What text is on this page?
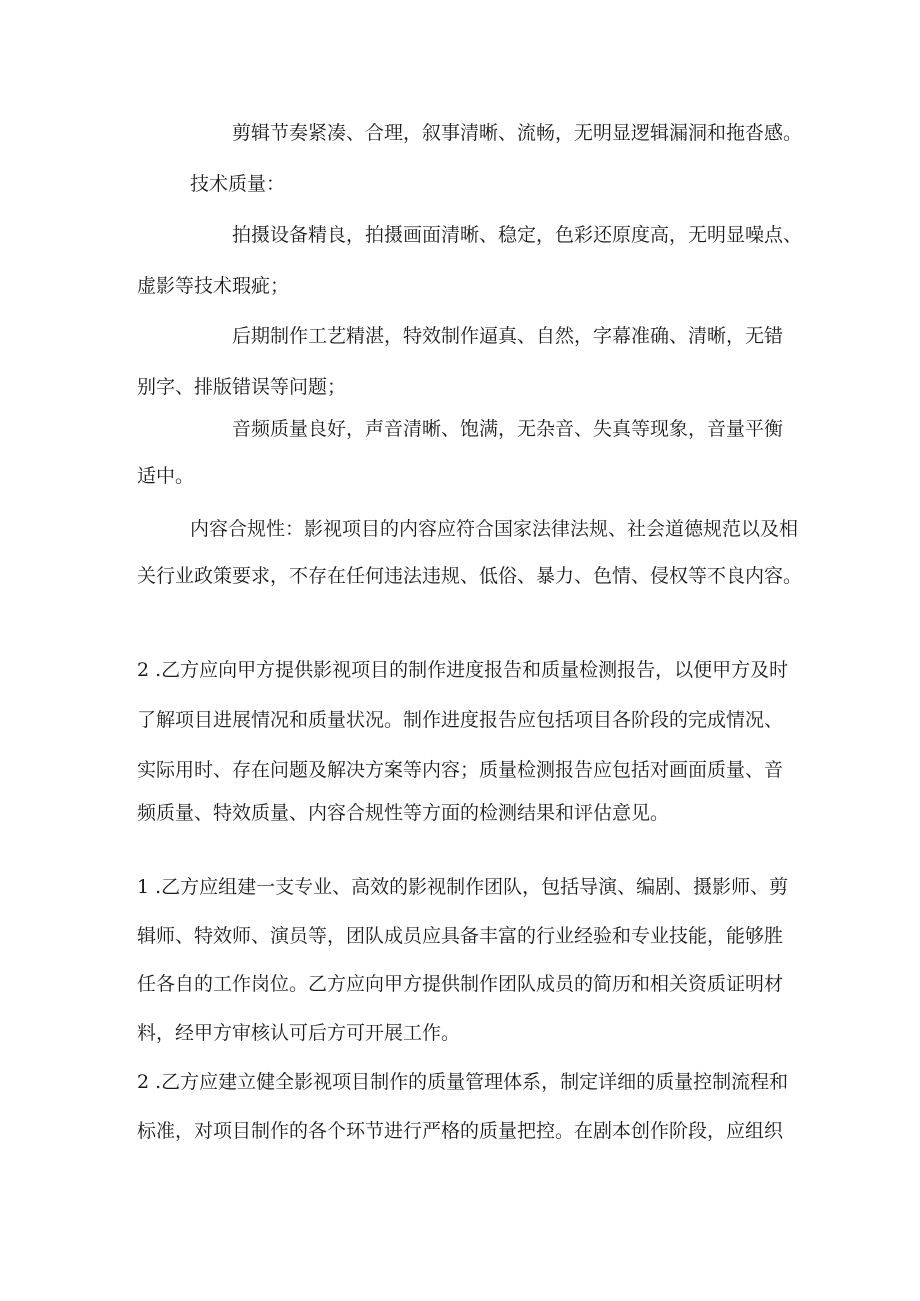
剪辑节奏紧凑、合理，叙事清晰、流畅，无明显逻辑漏洞和拖沓感。
技术质量：
拍摄设备精良，拍摄画面清晰、稳定，色彩还原度高，无明显噪点、
虚影等技术瑕疵；
后期制作工艺精湛，特效制作逼真、自然，字幕准确、清晰，无错
别字、排版错误等问题；
音频质量良好，声音清晰、饱满，无杂音、失真等现象，音量平衡
适中。
内容合规性：影视项目的内容应符合国家法律法规、社会道德规范以及相
关行业政策要求，不存在任何违法违规、低俗、暴力、色情、侵权等不良内容。
2 .乙方应向甲方提供影视项目的制作进度报告和质量检测报告，以便甲方及时
了解项目进展情况和质量状况。制作进度报告应包括项目各阶段的完成情况、
实际用时、存在问题及解决方案等内容；质量检测报告应包括对画面质量、音
频质量、特效质量、内容合规性等方面的检测结果和评估意见。
1 .乙方应组建一支专业、高效的影视制作团队，包括导演、编剧、摄影师、剪
辑师、特效师、演员等，团队成员应具备丰富的行业经验和专业技能，能够胜
任各自的工作岗位。乙方应向甲方提供制作团队成员的简历和相关资质证明材
料，经甲方审核认可后方可开展工作。
2 .乙方应建立健全影视项目制作的质量管理体系，制定详细的质量控制流程和
标准，对项目制作的各个环节进行严格的质量把控。在剧本创作阶段，应组织
